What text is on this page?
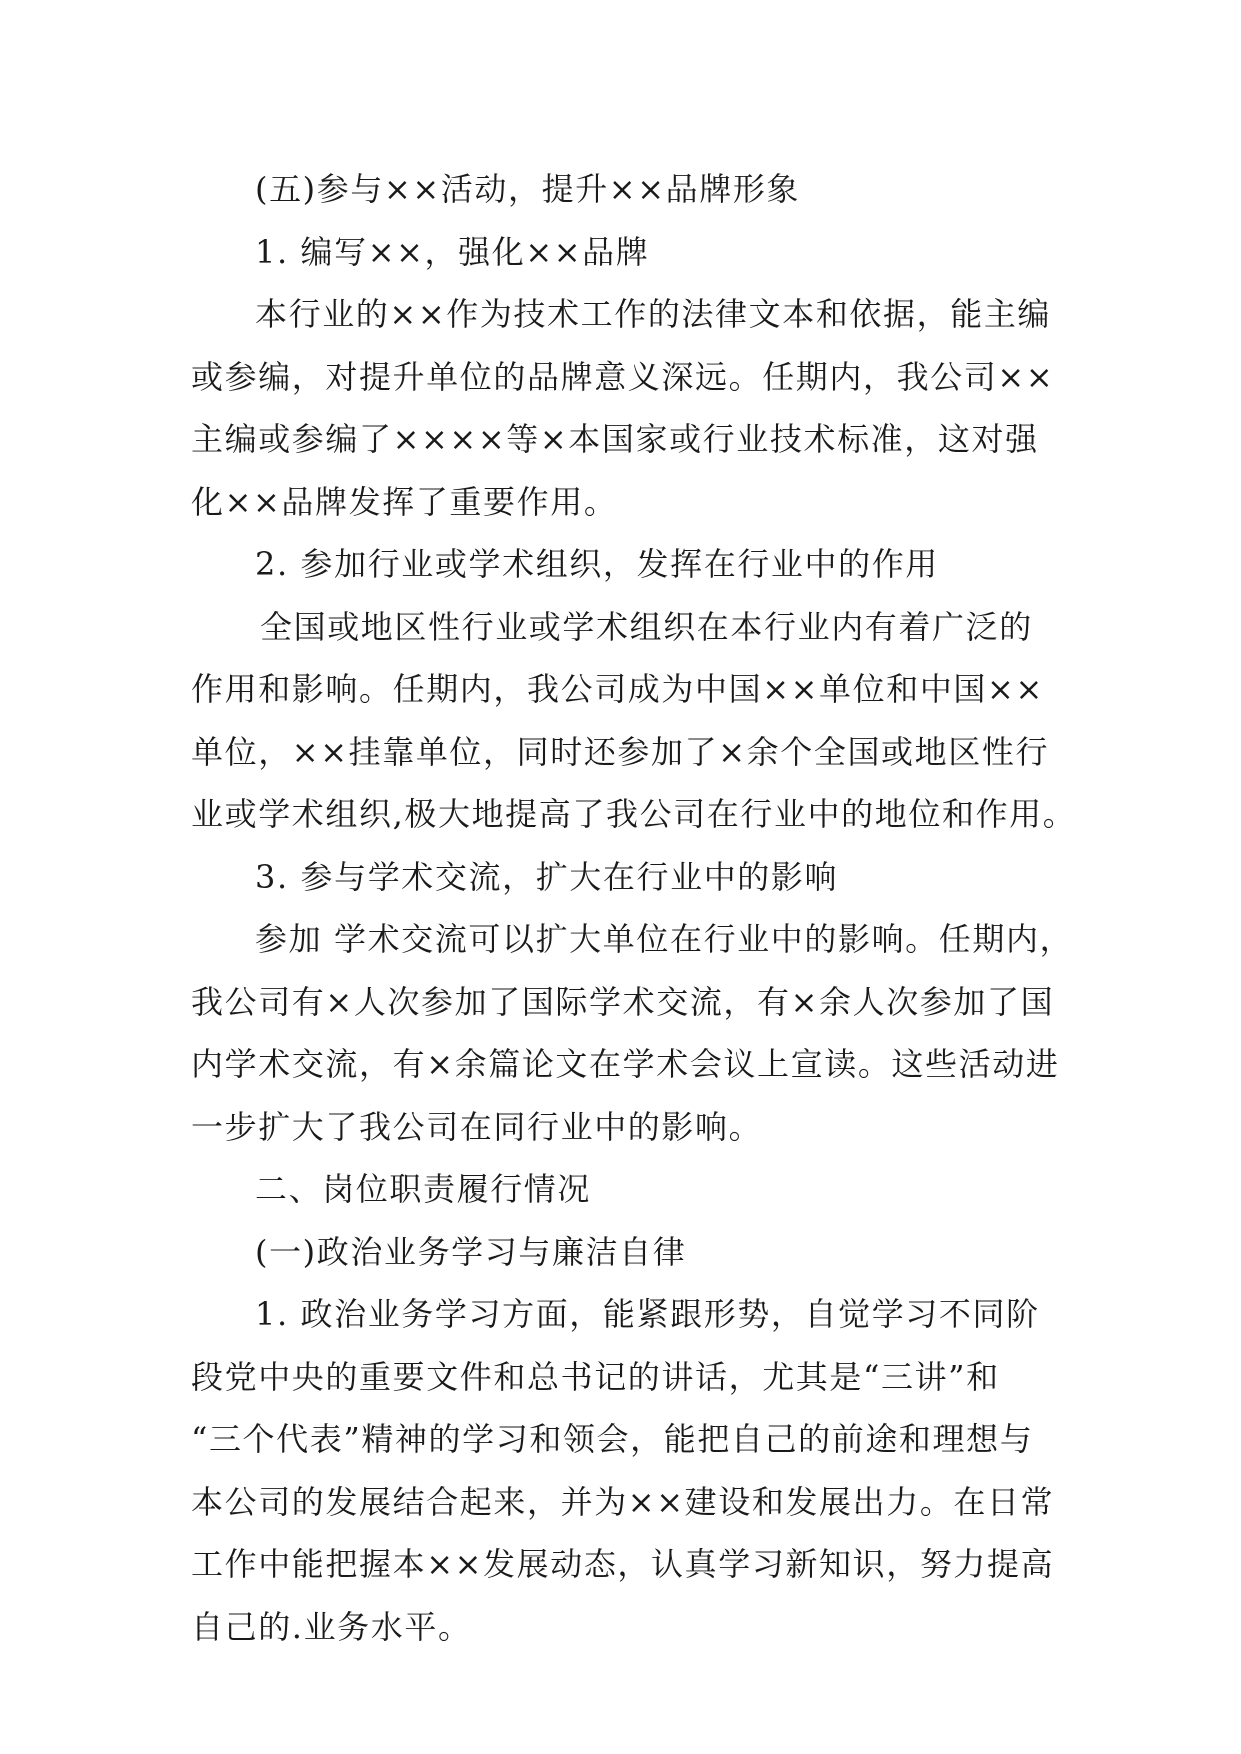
(五)参与××活动，提升××品牌形象

1. 编写××，强化××品牌

本行业的××作为技术工作的法律文本和依据，能主编

或参编，对提升单位的品牌意义深远。任期内，我公司××

主编或参编了××××等×本国家或行业技术标准，这对强

化××品牌发挥了重要作用。

2. 参加行业或学术组织，发挥在行业中的作用

全国或地区性行业或学术组织在本行业内有着广泛的

作用和影响。任期内，我公司成为中国××单位和中国××

单位，××挂靠单位，同时还参加了×余个全国或地区性行

业或学术组织,极大地提高了我公司在行业中的地位和作用。

3. 参与学术交流，扩大在行业中的影响

参加 学术交流可以扩大单位在行业中的影响。任期内，

我公司有×人次参加了国际学术交流，有×余人次参加了国

内学术交流，有×余篇论文在学术会议上宣读。这些活动进

一步扩大了我公司在同行业中的影响。

二、岗位职责履行情况

(一)政治业务学习与廉洁自律

1. 政治业务学习方面，能紧跟形势，自觉学习不同阶

段党中央的重要文件和总书记的讲话，尤其是“三讲”和

“三个代表”精神的学习和领会，能把自己的前途和理想与

本公司的发展结合起来，并为××建设和发展出力。在日常

工作中能把握本××发展动态，认真学习新知识，努力提高

自己的.业务水平。
